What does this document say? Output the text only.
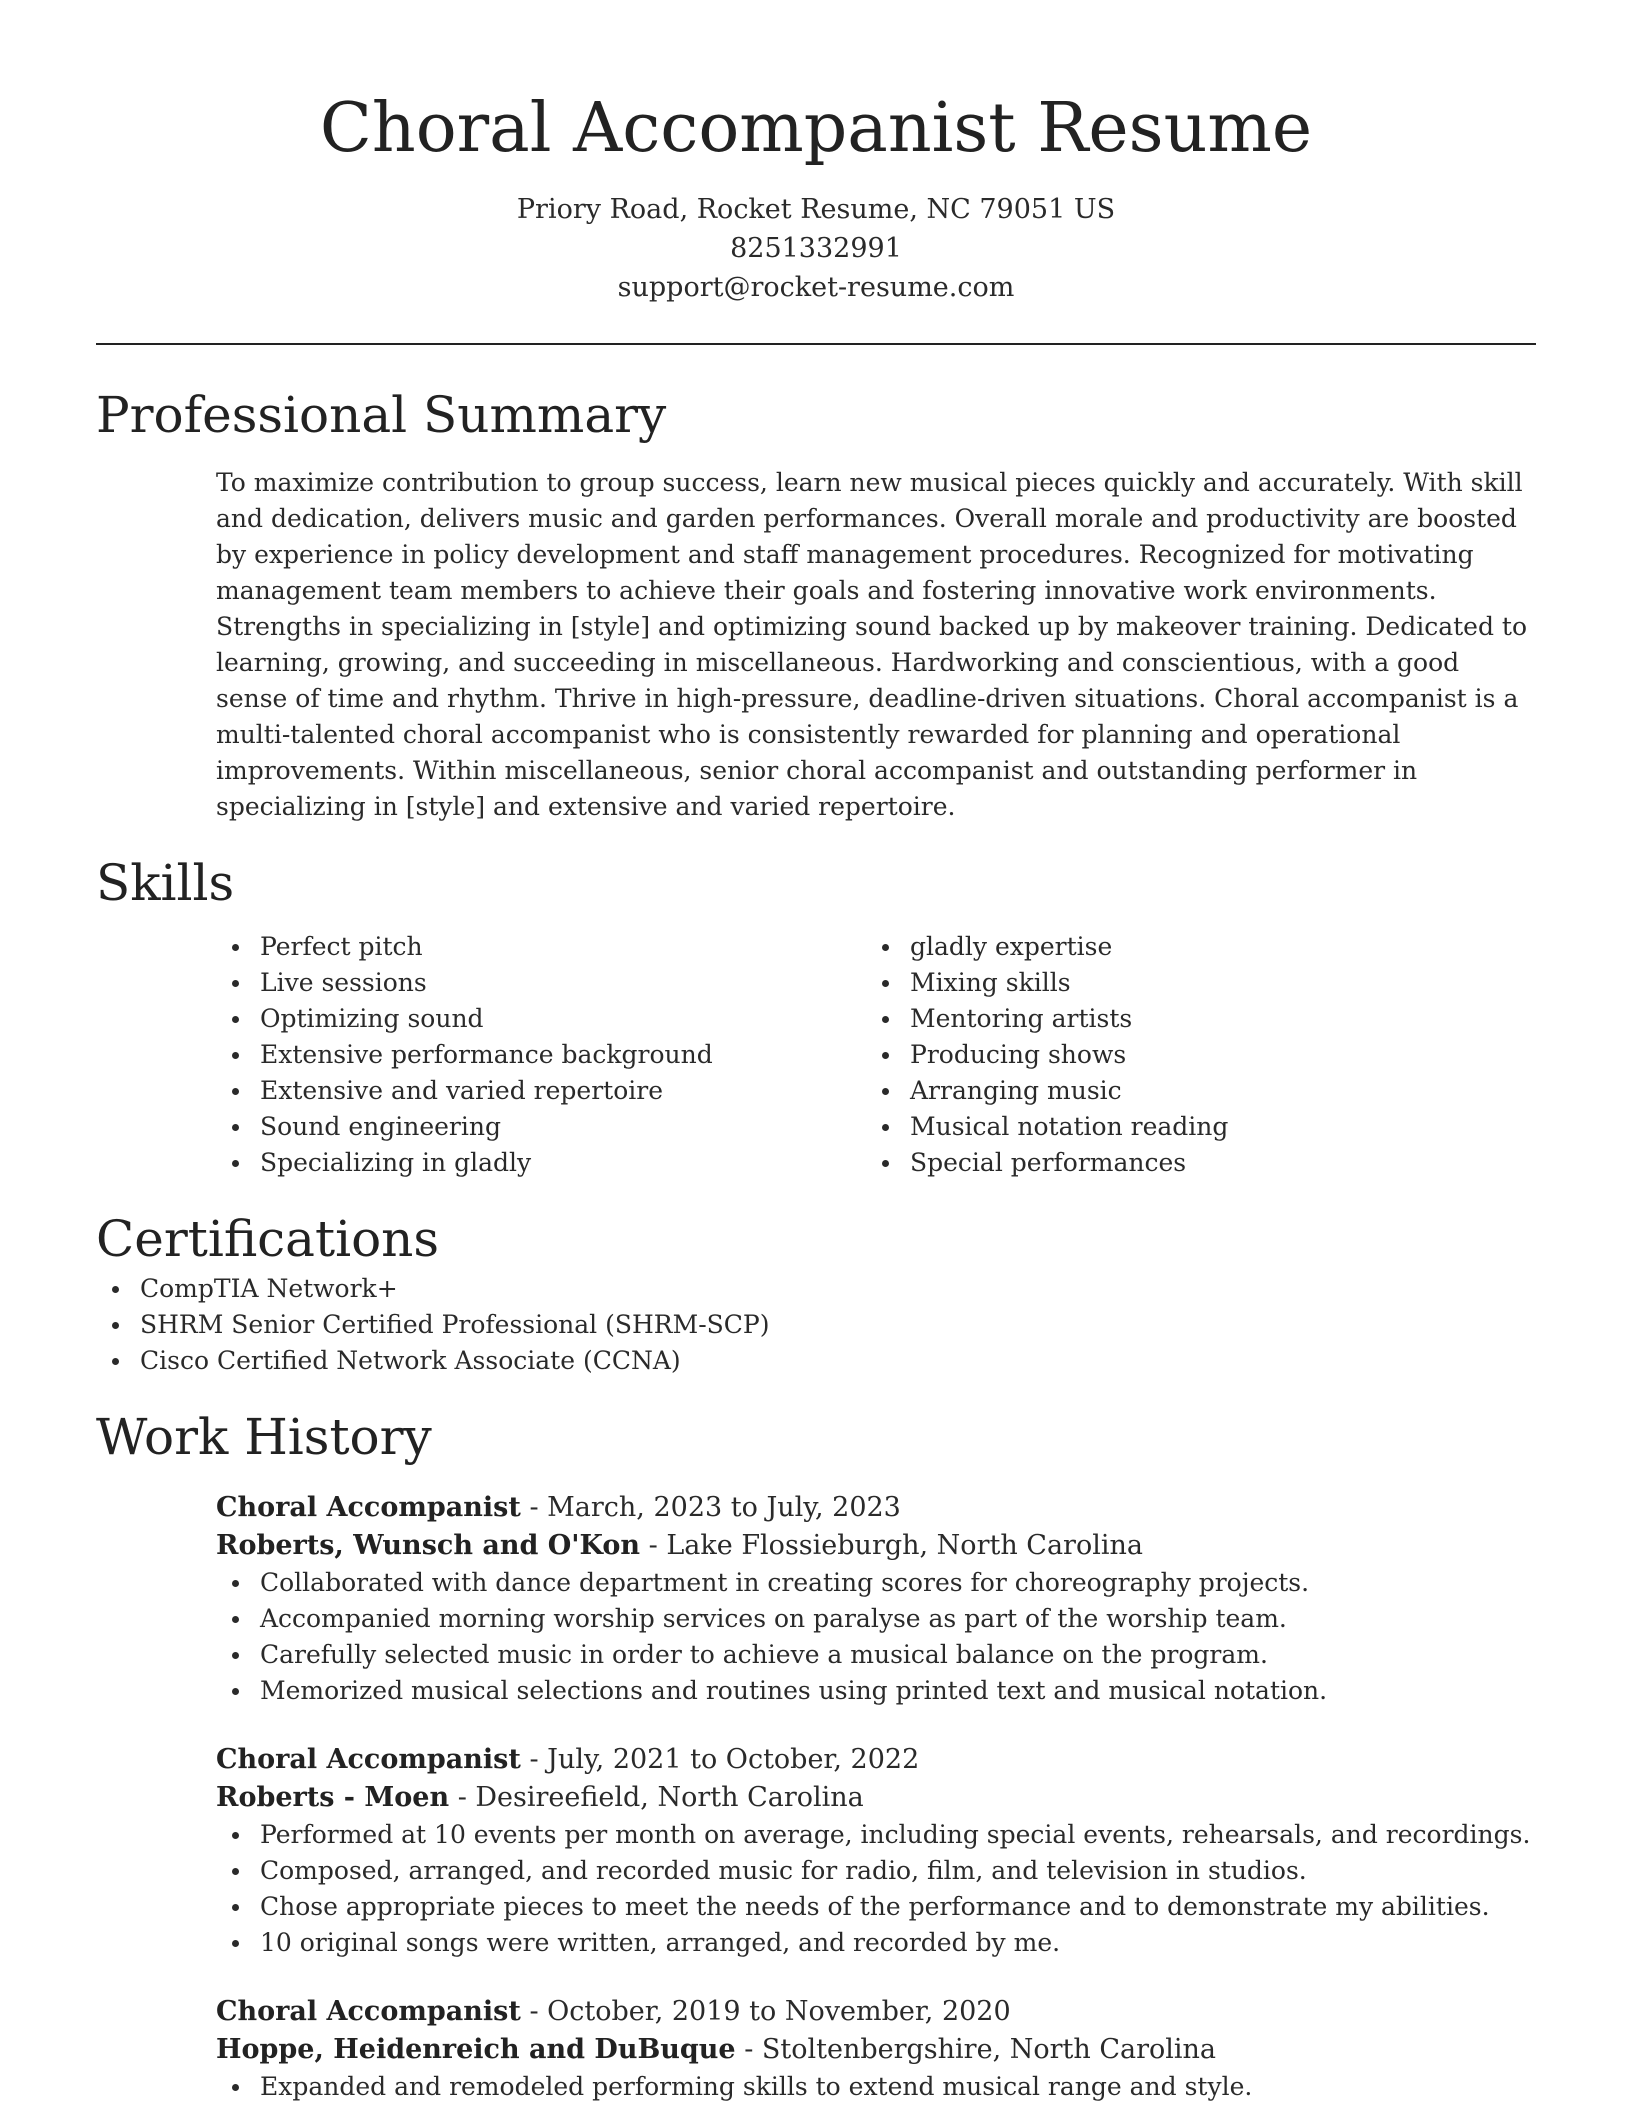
Choral Accompanist Resume
Priory Road, Rocket Resume, NC 79051 US
8251332991
support@rocket-resume.com
Professional Summary

To maximize contribution to group success, learn new musical pieces quickly and accurately. With skill and dedication, delivers music and garden performances. Overall morale and productivity are boosted by experience in policy development and staff management procedures. Recognized for motivating management team members to achieve their goals and fostering innovative work environments. Strengths in specializing in [style] and optimizing sound backed up by makeover training. Dedicated to learning, growing, and succeeding in miscellaneous. Hardworking and conscientious, with a good sense of time and rhythm. Thrive in high-pressure, deadline-driven situations. Choral accompanist is a multi-talented choral accompanist who is consistently rewarded for planning and operational improvements. Within miscellaneous, senior choral accompanist and outstanding performer in specializing in [style] and extensive and varied repertoire.

Skills
Perfect pitch
Live sessions
Optimizing sound
Extensive performance background
Extensive and varied repertoire
Sound engineering
Specializing in gladly
gladly expertise
Mixing skills
Mentoring artists
Producing shows
Arranging music
Musical notation reading
Special performances
Certifications
CompTIA Network+
SHRM Senior Certified Professional (SHRM-SCP)
Cisco Certified Network Associate (CCNA)
Work History
Choral Accompanist - March, 2023 to July, 2023
Roberts, Wunsch and O'Kon - Lake Flossieburgh, North Carolina
Collaborated with dance department in creating scores for choreography projects.
Accompanied morning worship services on paralyse as part of the worship team.
Carefully selected music in order to achieve a musical balance on the program.
Memorized musical selections and routines using printed text and musical notation.
Choral Accompanist - July, 2021 to October, 2022
Roberts - Moen - Desireefield, North Carolina
Performed at 10 events per month on average, including special events, rehearsals, and recordings.
Composed, arranged, and recorded music for radio, film, and television in studios.
Chose appropriate pieces to meet the needs of the performance and to demonstrate my abilities.
10 original songs were written, arranged, and recorded by me.
Choral Accompanist - October, 2019 to November, 2020
Hoppe, Heidenreich and DuBuque - Stoltenbergshire, North Carolina
Expanded and remodeled performing skills to extend musical range and style.
